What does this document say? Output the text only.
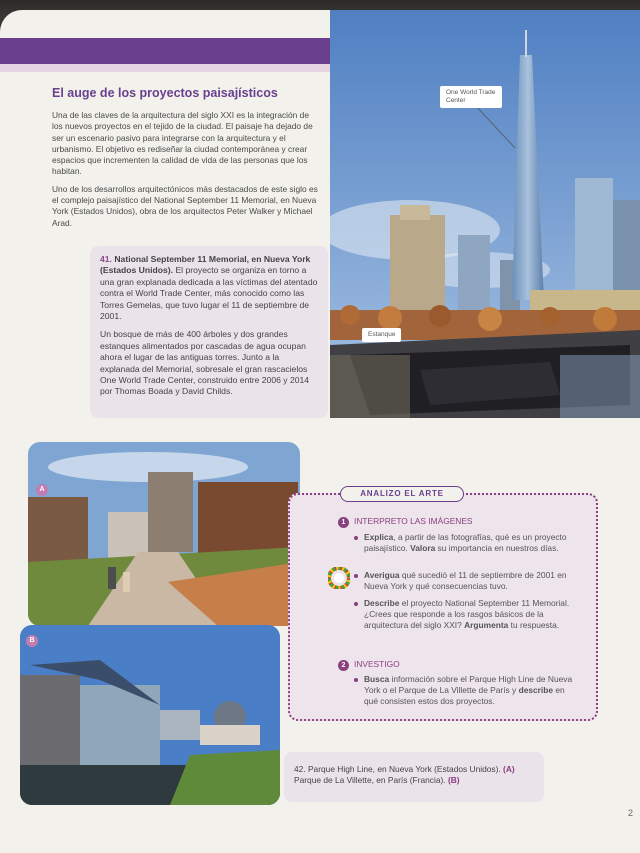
El auge de los proyectos paisajísticos

Una de las claves de la arquitectura del siglo XXI es la integración de los nuevos proyectos en el tejido de la ciudad. El paisaje ha dejado de ser un escenario pasivo para integrarse con la arquitectura y el urbanismo. El objetivo es rediseñar la ciudad contemporánea y crear espacios que incrementen la calidad de vida de las personas que los habitan.

Uno de los desarrollos arquitectónicos más destacados de este siglo es el complejo paisajístico del National September 11 Memorial, en Nueva York (Estados Unidos), obra de los arquitectos Peter Walker y Michael Arad.

One World Trade Center
Estanque

41. National September 11 Memorial, en Nueva York (Estados Unidos). El proyecto se organiza en torno a una gran explanada dedicada a las víctimas del atentado contra el World Trade Center, más conocido como las Torres Gemelas, que tuvo lugar el 11 de septiembre de 2001.

Un bosque de más de 400 árboles y dos grandes estanques alimentados por cascadas de agua ocupan ahora el lugar de las antiguas torres. Junto a la explanada del Memorial, sobresale el gran rascacielos One World Trade Center, construido entre 2006 y 2014 por Thomas Boada y David Childs.

A
B
ANALIZO EL ARTE
1 INTERPRETO LAS IMÁGENES
Explica, a partir de las fotografías, qué es un proyecto paisajístico. Valora su importancia en nuestros días.
Averigua qué sucedió el 11 de septiembre de 2001 en Nueva York y qué consecuencias tuvo.
Describe el proyecto National September 11 Memorial. ¿Crees que responde a los rasgos básicos de la arquitectura del siglo XXI? Argumenta tu respuesta.
2 INVESTIGO
Busca información sobre el Parque High Line de Nueva York o el Parque de La Villette de París y describe en qué consisten estos dos proyectos.
42. Parque High Line, en Nueva York (Estados Unidos). (A)
Parque de La Villette, en París (Francia). (B)
2
